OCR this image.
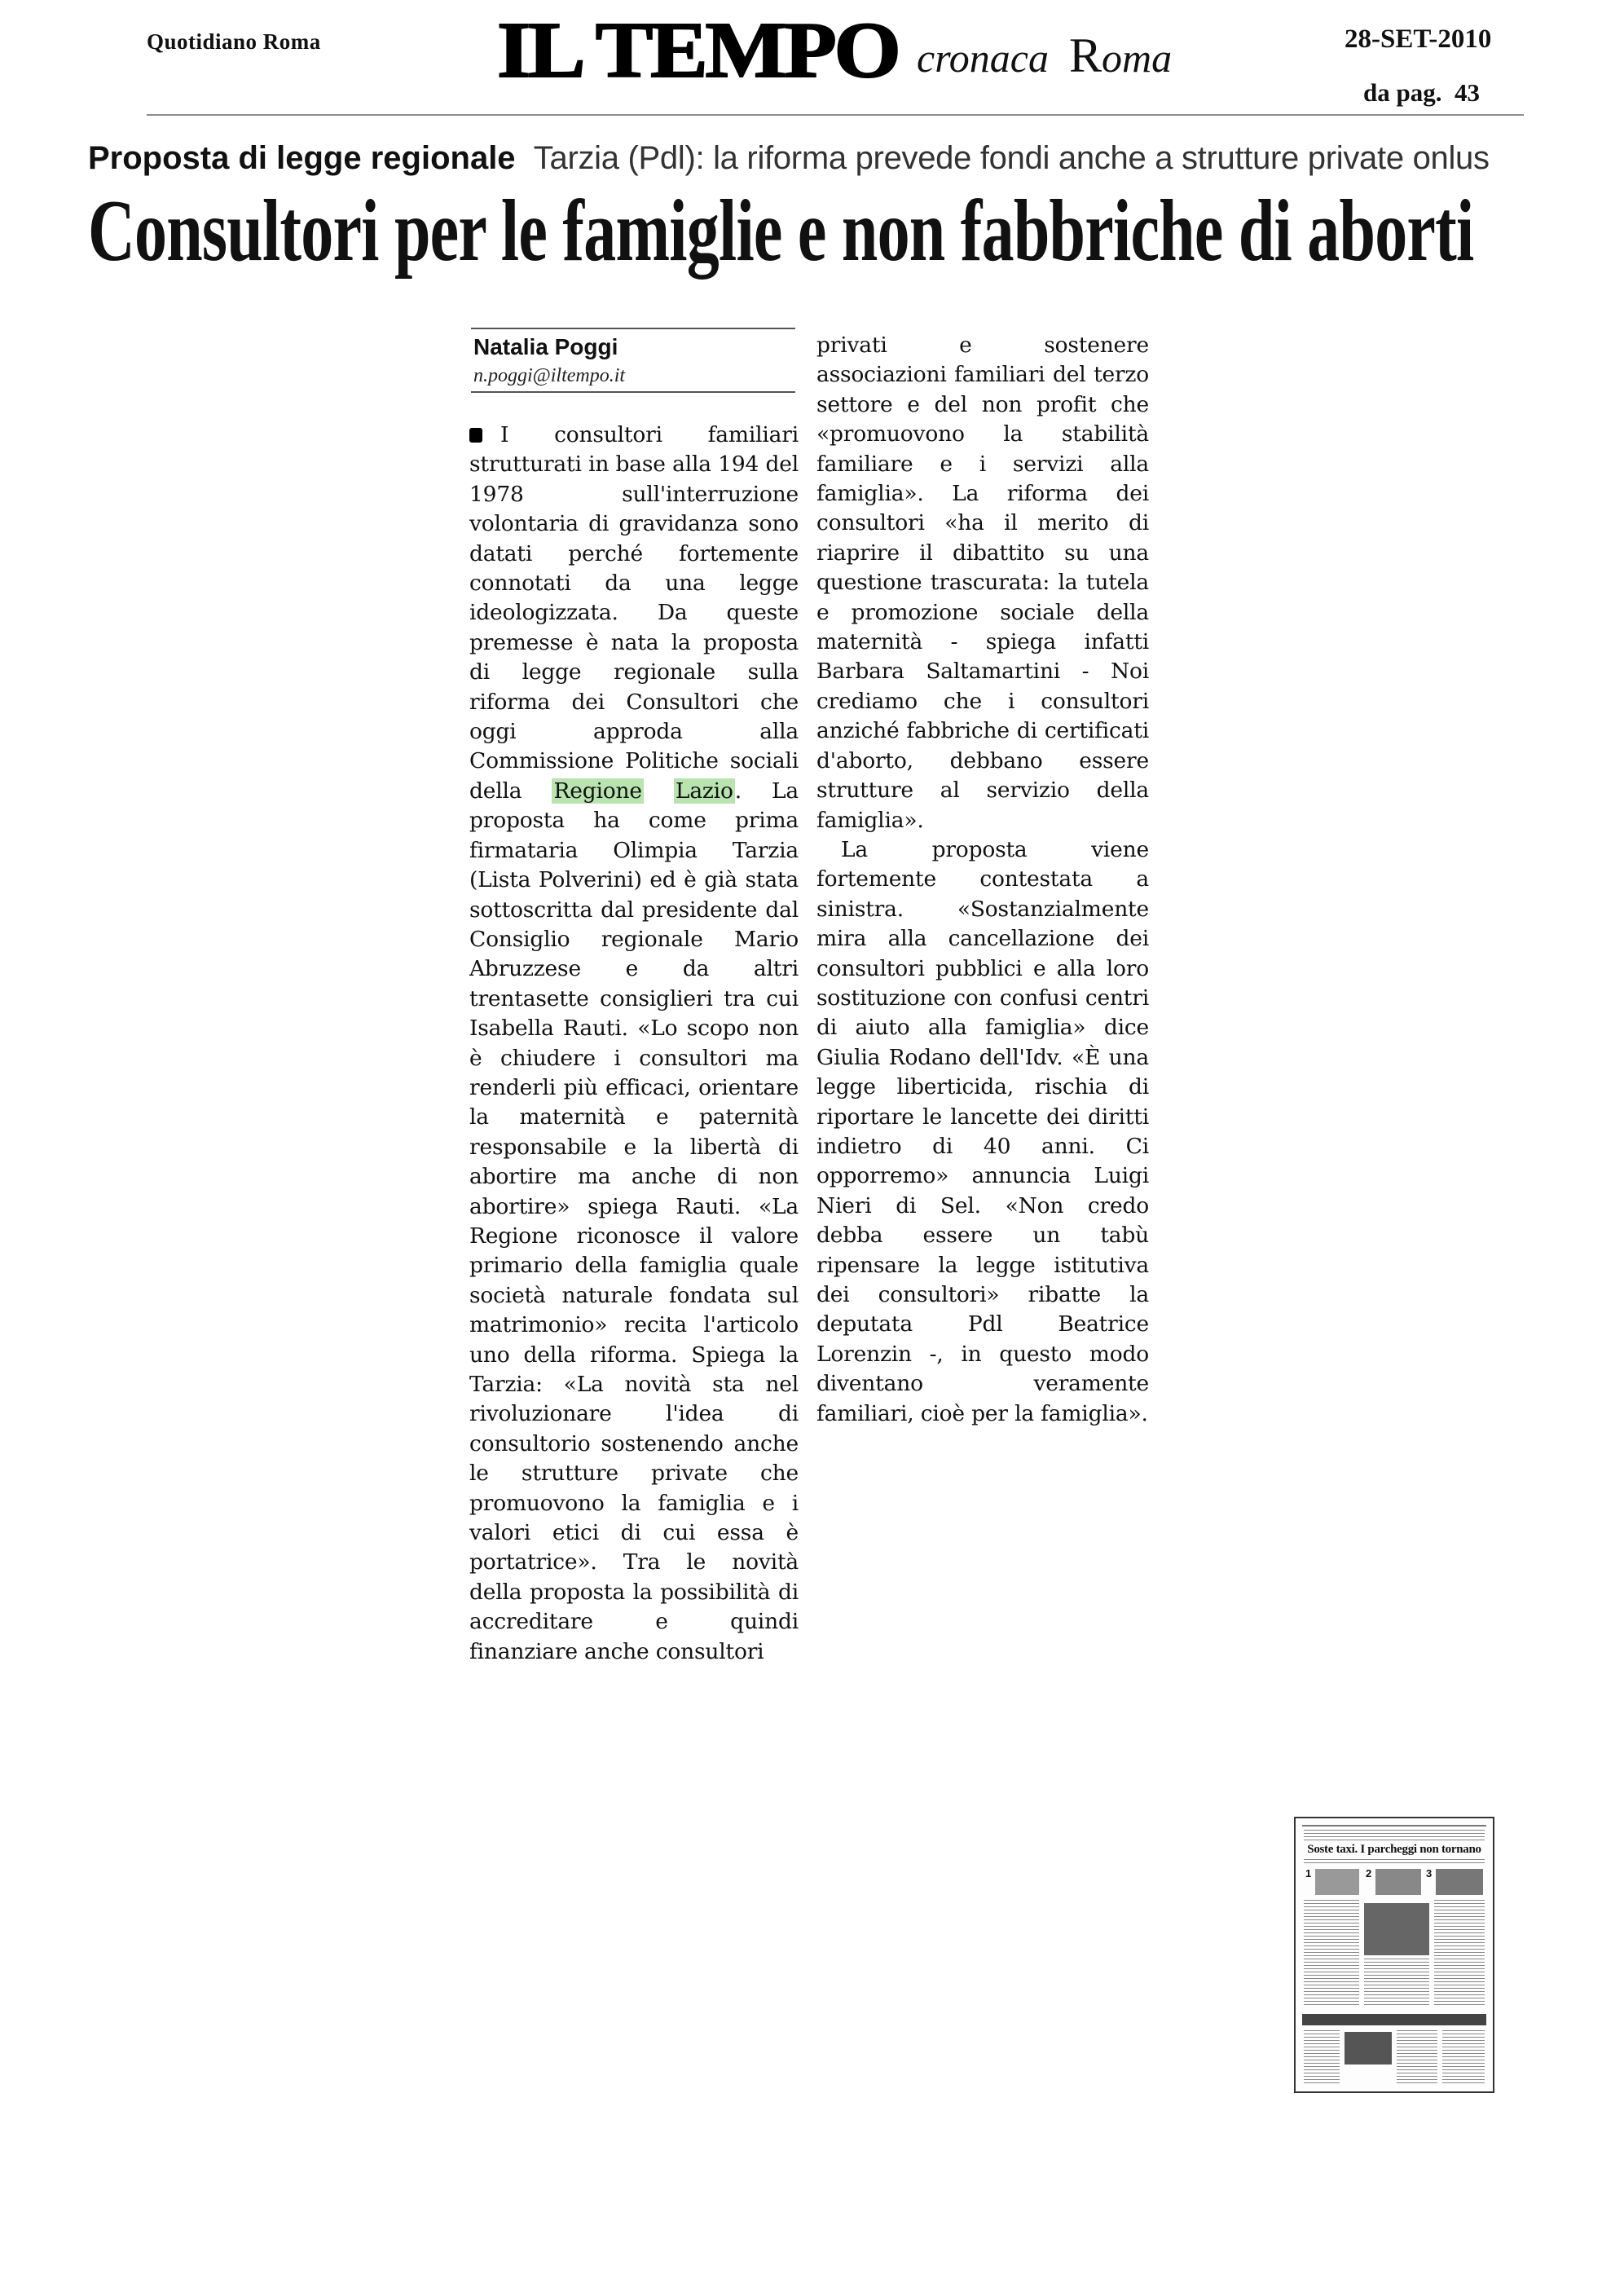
Quotidiano Roma IL TEMPO cronaca Roma	28-SET-2010
da pag.  43
Proposta di legge regionale Tarzia (Pdl): la riforma prevede fondi anche a strutture private onlus
Consultori per le famiglie e non fabbriche di aborti
Natalia Poggi
n.poggi@iltempo.it

I consultori familiari strutturati in base alla 194 del 1978 sull'interruzione volontaria di gravidanza sono datati perché fortemente connotati da una legge ideologizzata. Da queste premesse è nata la proposta di legge regionale sulla riforma dei Consultori che oggi approda alla Commissione Politiche sociali della Regione Lazio. La proposta ha come prima firmataria Olimpia Tarzia (Lista Polverini) ed è già stata sottoscritta dal presidente dal Consiglio regionale Mario Abruzzese e da altri trentasette consiglieri tra cui Isabella Rauti. «Lo scopo non è chiudere i consultori ma renderli più efficaci, orientare la maternità e paternità responsabile e la libertà di abortire ma anche di non abortire» spiega Rauti. «La Regione riconosce il valore primario della famiglia quale società naturale fondata sul matrimonio» recita l'articolo uno della riforma. Spiega la Tarzia: «La novità sta nel rivoluzionare l'idea di consultorio sostenendo anche le strutture private che promuovono la famiglia e i valori etici di cui essa è portatrice». Tra le novità della proposta la possibilità di accreditare e quindi finanziare anche consultori

privati e sostenere associazioni familiari del terzo settore e del non profit che «promuovono la stabilità familiare e i servizi alla famiglia». La riforma dei consultori «ha il merito di riaprire il dibattito su una questione trascurata: la tutela e promozione sociale della maternità - spiega infatti Barbara Saltamartini - Noi crediamo che i consultori anziché fabbriche di certificati d'aborto, debbano essere strutture al servizio della famiglia».

La proposta viene fortemente contestata a sinistra. «Sostanzialmente mira alla cancellazione dei consultori pubblici e alla loro sostituzione con confusi centri di aiuto alla famiglia» dice Giulia Rodano dell'Idv. «È una legge liberticida, rischia di riportare le lancette dei diritti indietro di 40 anni. Ci opporremo» annuncia Luigi Nieri di Sel. «Non credo debba essere un tabù ripensare la legge istitutiva dei consultori» ribatte la deputata Pdl Beatrice Lorenzin -, in questo modo diventano veramente familiari, cioè per la famiglia».

Soste taxi. I parcheggi non tornano
1	2	3
